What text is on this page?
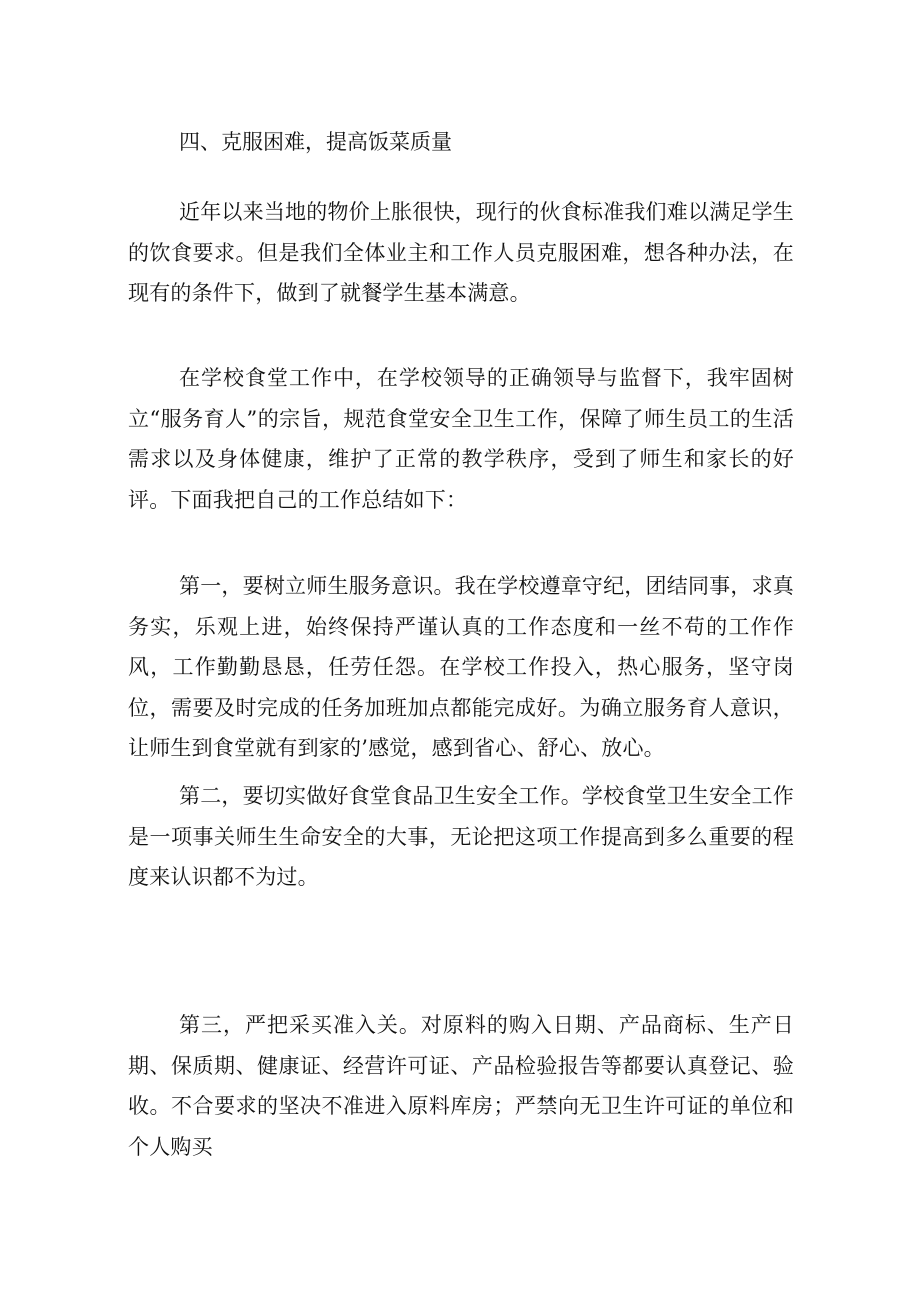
四、克服困难，提高饭菜质量

近年以来当地的物价上胀很快，现行的伙食标准我们难以满足学生的饮食要求。但是我们全体业主和工作人员克服困难，想各种办法，在现有的条件下，做到了就餐学生基本满意。

在学校食堂工作中，在学校领导的正确领导与监督下，我牢固树立“服务育人”的宗旨，规范食堂安全卫生工作，保障了师生员工的生活需求以及身体健康，维护了正常的教学秩序，受到了师生和家长的好评。下面我把自己的工作总结如下：

第一，要树立师生服务意识。我在学校遵章守纪，团结同事，求真务实，乐观上进，始终保持严谨认真的工作态度和一丝不苟的工作作风，工作勤勤恳恳，任劳任怨。在学校工作投入，热心服务，坚守岗位，需要及时完成的任务加班加点都能完成好。为确立服务育人意识，让师生到食堂就有到家的’感觉，感到省心、舒心、放心。

第二，要切实做好食堂食品卫生安全工作。学校食堂卫生安全工作是一项事关师生生命安全的大事，无论把这项工作提高到多么重要的程度来认识都不为过。

第三，严把采买准入关。对原料的购入日期、产品商标、生产日期、保质期、健康证、经营许可证、产品检验报告等都要认真登记、验收。不合要求的坚决不准进入原料库房；严禁向无卫生许可证的单位和个人购买
